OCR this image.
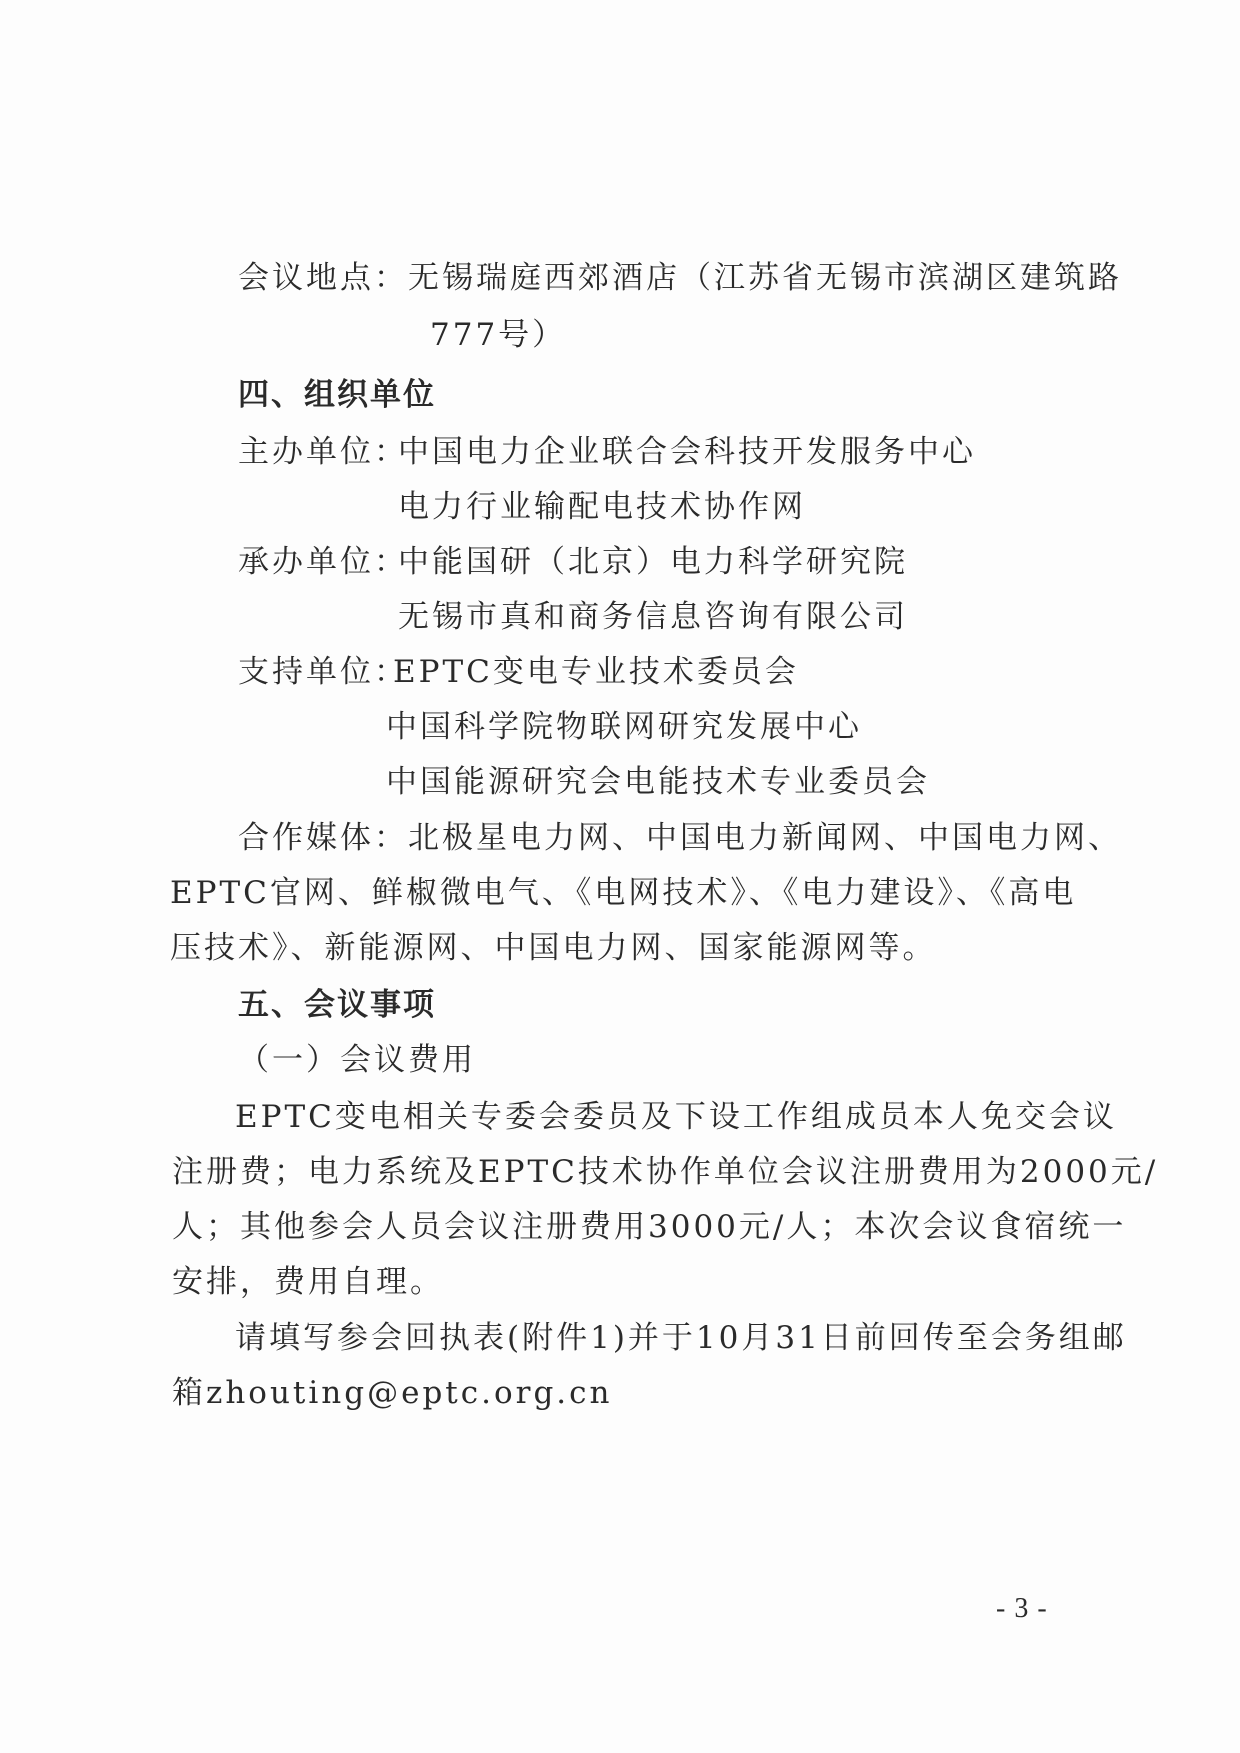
会议地点：无锡瑞庭西郊酒店（江苏省无锡市滨湖区建筑路
777号）
四、组织单位
主办单位：
中国电力企业联合会科技开发服务中心
电力行业输配电技术协作网
承办单位：
中能国研（北京）电力科学研究院
无锡市真和商务信息咨询有限公司
支持单位：
EPTC变电专业技术委员会
中国科学院物联网研究发展中心
中国能源研究会电能技术专业委员会
合作媒体：北极星电力网、中国电力新闻网、中国电力网、
EPTC官网、鲜椒微电气、《电网技术》、《电力建设》、《高电
压技术》、新能源网、中国电力网、国家能源网等。
五、会议事项
（一）会议费用
EPTC变电相关专委会委员及下设工作组成员本人免交会议
注册费；电力系统及EPTC技术协作单位会议注册费用为2000元/
人；其他参会人员会议注册费用3000元/人；本次会议食宿统一
安排，费用自理。
请填写参会回执表(附件1)并于10月31日前回传至会务组邮
箱zhouting@eptc.org.cn
- 3 -
